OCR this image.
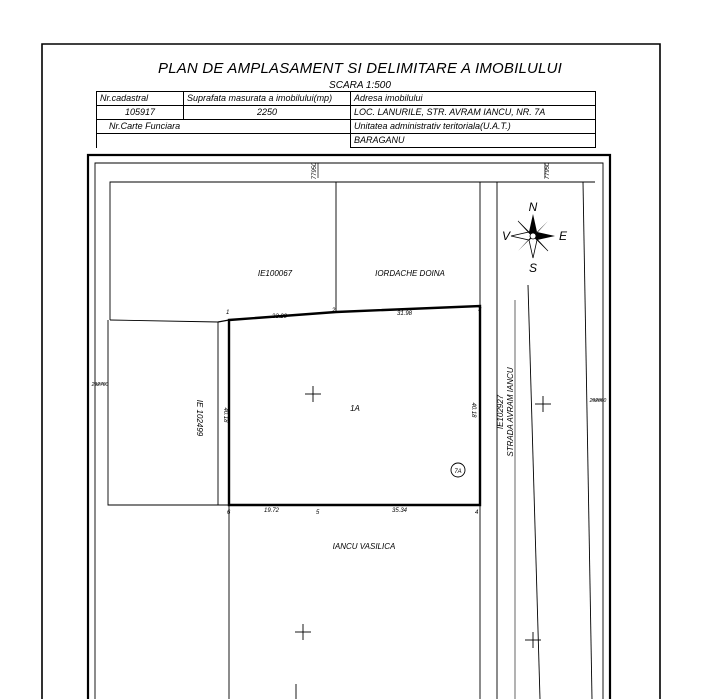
7A
N
S
E
V
IE100067	IORDACHE DOINA
1A
IANCU VASILICA
IE 102499	IE102927 STRADA AVRAM IANCU
1	2	3
4
5
6
23.20	31.98
40.18
35.34
19.72
40.18
77950	77950
292700
292800
PLAN DE AMPLASAMENT SI DELIMITARE A IMOBILULUI
SCARA 1:500
Nr.cadastral	Suprafata masurata a imobilului(mp)	Adresa imobilului
105917	2250	LOC. LANURILE, STR. AVRAM IANCU, NR. 7A
Nr.Carte Funciara		Unitatea administrativ teritoriala(U.A.T.)
		BARAGANU
